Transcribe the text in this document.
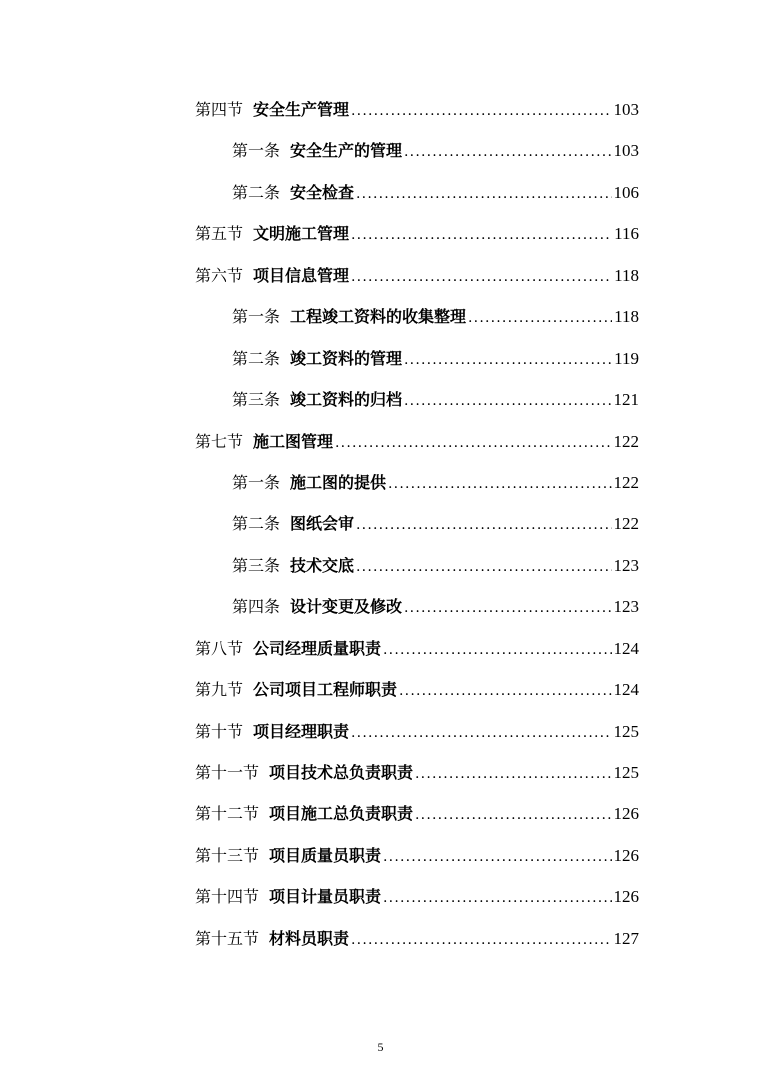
第四节 安全生产管理 .....	103
第一条 安全生产的管理 .....	103
第二条 安全检查 .....	106
第五节 文明施工管理 .....	116
第六节 项目信息管理 .....	118
第一条 工程竣工资料的收集整理 .....	118
第二条 竣工资料的管理 .....	119
第三条 竣工资料的归档 .....	121
第七节 施工图管理 .....	122
第一条 施工图的提供 .....	122
第二条 图纸会审 .....	122
第三条 技术交底 .....	123
第四条 设计变更及修改 .....	123
第八节 公司经理质量职责 .....	124
第九节 公司项目工程师职责 .....	124
第十节 项目经理职责 .....	125
第十一节 项目技术总负责职责 .....	125
第十二节 项目施工总负责职责 .....	126
第十三节 项目质量员职责 .....	126
第十四节 项目计量员职责 .....	126
第十五节 材料员职责 .....	127
5
